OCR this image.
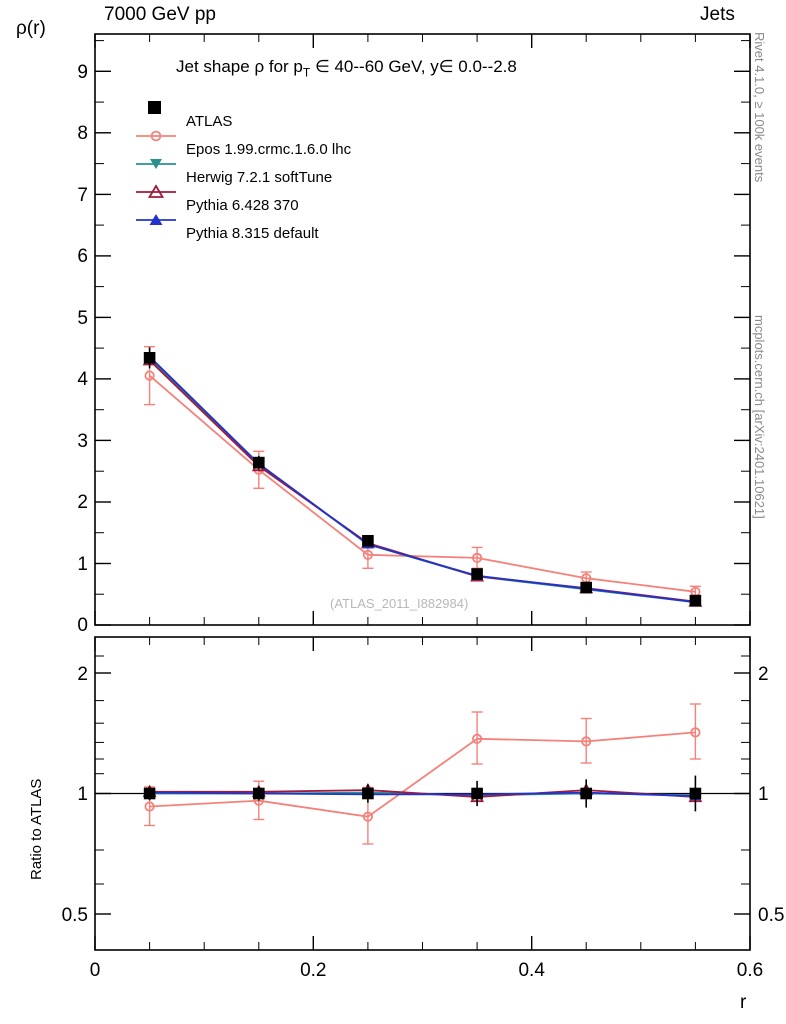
7000 GeV pp	Jets
Rivet 4.1.0, ≥ 100k events
mcplots.cern.ch [arXiv:2401.10621]
ρ(r)
r
Ratio to ATLAS
Jet shape ρ for $p_T$ ∈ 40--60 GeV, y∈ 0.0--2.8
ATLAS
Epos 1.99.crmc.1.6.0 lhc
Herwig 7.2.1 softTune
Pythia 6.428 370
Pythia 8.315 default
0
1
2
3
4
5
6
7
8
9
(ATLAS_2011_I882984)
2
1
0.5
2
1
0.5
0	0.2	0.4	0.6
